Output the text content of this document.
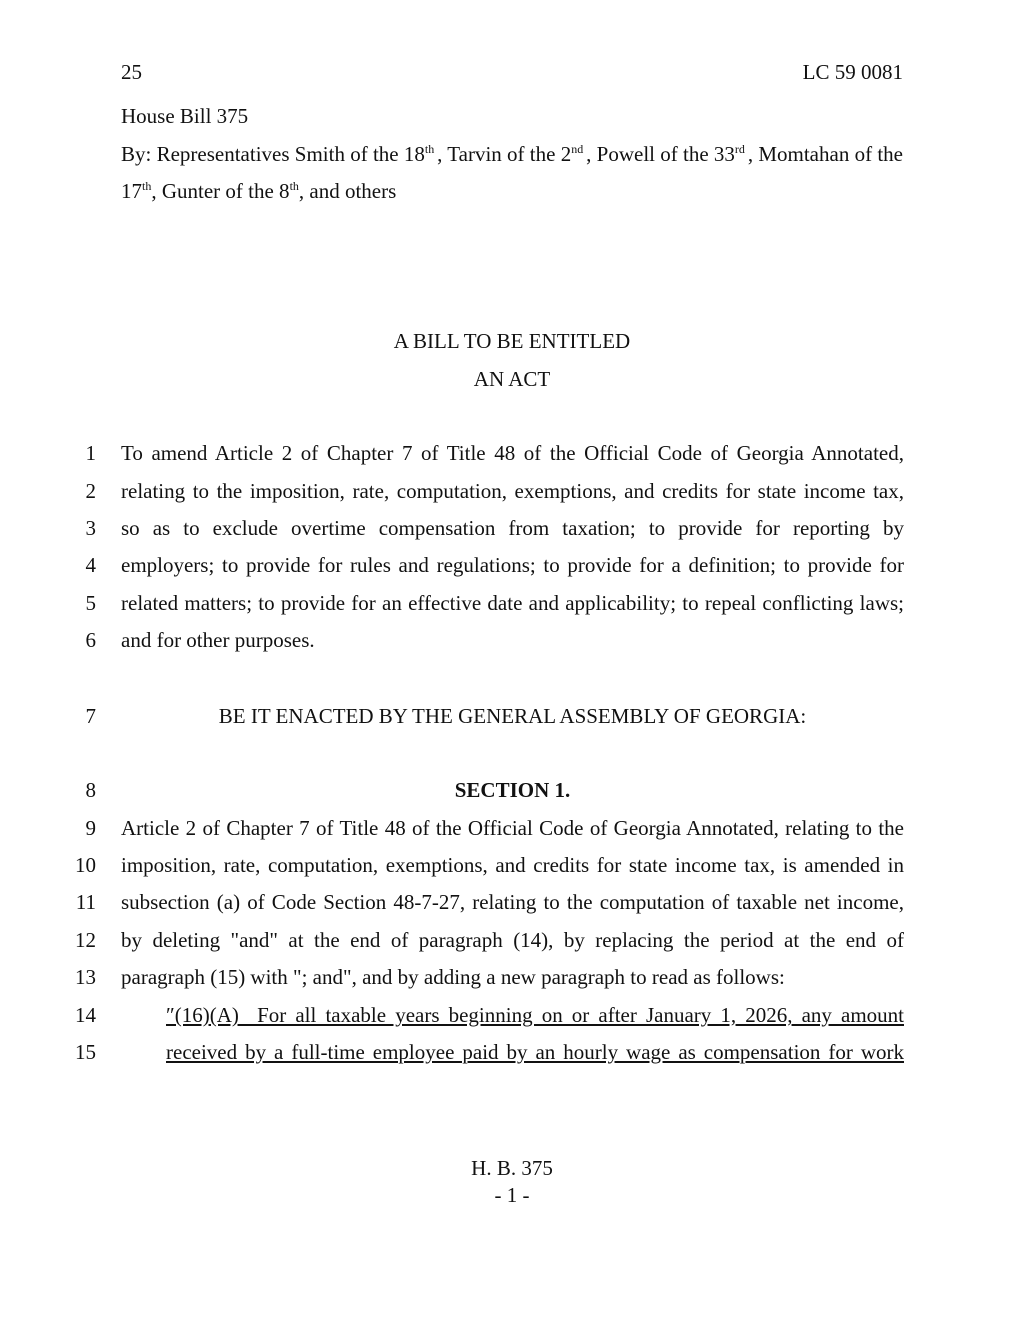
25	LC 59 0081
House Bill 375
By: Representatives Smith of the 18th , Tarvin of the 2nd , Powell of the 33rd , Momtahan of the
17th, Gunter of the 8th, and others
A BILL TO BE ENTITLED
AN ACT
1 To amend Article 2 of Chapter 7 of Title 48 of the Official Code of Georgia Annotated,
2 relating to the imposition, rate, computation, exemptions, and credits for state income tax,
3 so as to exclude overtime compensation from taxation; to provide for reporting by
4 employers; to provide for rules and regulations; to provide for a definition; to provide for
5 related matters; to provide for an effective date and applicability; to repeal conflicting laws;
6 and for other purposes.
7	BE IT ENACTED BY THE GENERAL ASSEMBLY OF GEORGIA:
8	SECTION 1.
9 Article 2 of Chapter 7 of Title 48 of the Official Code of Georgia Annotated, relating to the
10 imposition, rate, computation, exemptions, and credits for state income tax, is amended in
11 subsection (a) of Code Section 48-7-27, relating to the computation of taxable net income,
12 by deleting "and" at the end of paragraph (14), by replacing the period at the end of
13 paragraph (15) with "; and", and by adding a new paragraph to read as follows:
14	″(16)(A)  For all taxable years beginning on or after January 1, 2026, any amount
15	received by a full-time employee paid by an hourly wage as compensation for work
H. B. 375
- 1 -
